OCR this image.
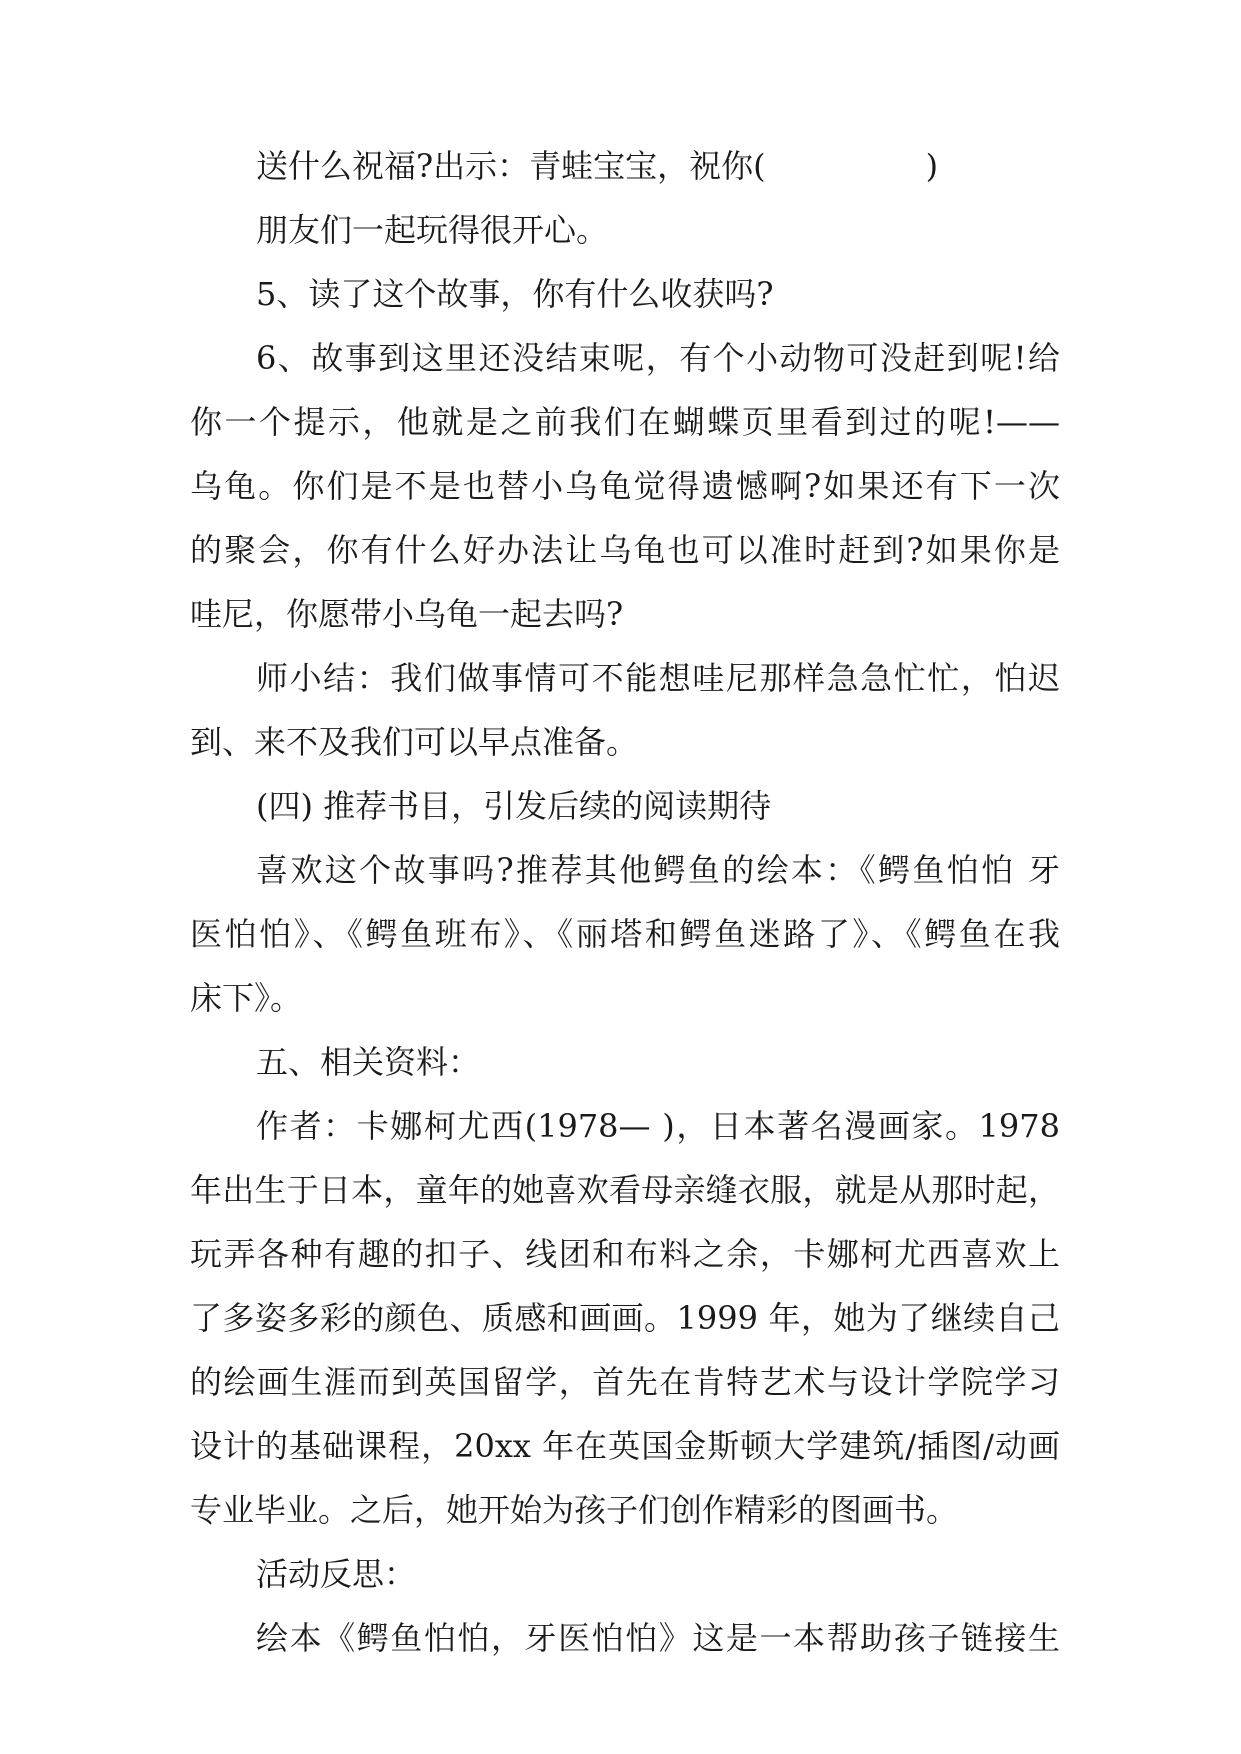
送什么祝福?出示：青蛙宝宝，祝你(　　　　　)
朋友们一起玩得很开心。
5、读了这个故事，你有什么收获吗?
6、故事到这里还没结束呢，有个小动物可没赶到呢!给
你一个提示，他就是之前我们在蝴蝶页里看到过的呢!——
乌龟。你们是不是也替小乌龟觉得遗憾啊?如果还有下一次
的聚会，你有什么好办法让乌龟也可以准时赶到?如果你是
哇尼，你愿带小乌龟一起去吗?
师小结：我们做事情可不能想哇尼那样急急忙忙，怕迟
到、来不及我们可以早点准备。
(四) 推荐书目，引发后续的阅读期待
喜欢这个故事吗?推荐其他鳄鱼的绘本：《鳄鱼怕怕 牙
医怕怕》、《鳄鱼班布》、《丽塔和鳄鱼迷路了》、《鳄鱼在我
床下》。
五、相关资料：
作者：卡娜柯尤西(1978— )，日本著名漫画家。1978
年出生于日本，童年的她喜欢看母亲缝衣服，就是从那时起，
玩弄各种有趣的扣子、线团和布料之余，卡娜柯尤西喜欢上
了多姿多彩的颜色、质感和画画。1999 年，她为了继续自己
的绘画生涯而到英国留学，首先在肯特艺术与设计学院学习
设计的基础课程，20xx 年在英国金斯顿大学建筑/插图/动画
专业毕业。之后，她开始为孩子们创作精彩的图画书。
活动反思：
绘本《鳄鱼怕怕，牙医怕怕》这是一本帮助孩子链接生
